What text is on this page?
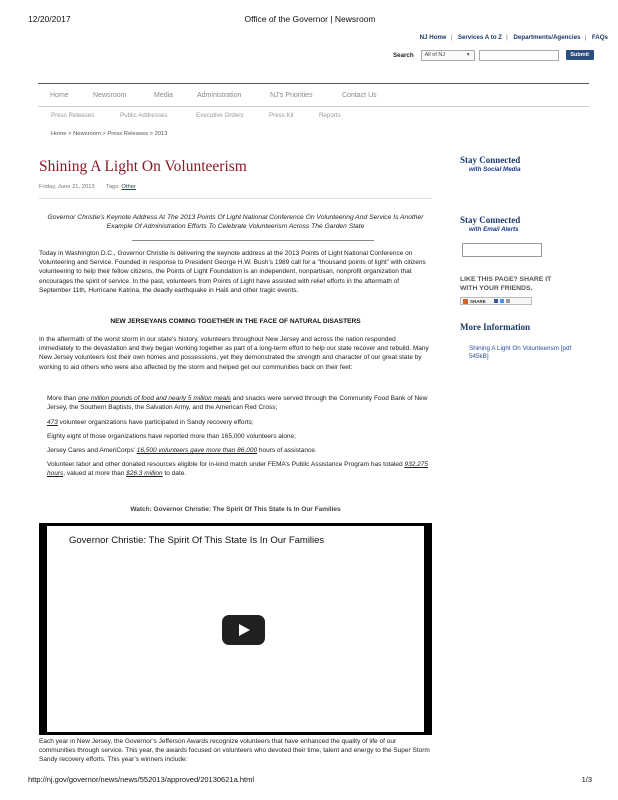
12/20/2017	Office of the Governor | Newsroom
NJ Home | Services A to Z | Departments/Agencies | FAQs
Search	All of NJ	▼	Submit
Home	Newsroom	Media	Administration	NJ's Priorities	Contact Us
Press Releases	Public Addresses	Executive Orders	Press Kit	Reports
Home > Newsroom > Press Releases > 2013
Shining A Light On Volunteerism
Friday, June 21, 2013 Tags: Other
Governor Christie’s Keynote Address At The 2013 Points Of Light National Conference On Volunteering And Service Is Another Example Of Administration Efforts To Celebrate Volunteerism Across The Garden State
Today in Washington D.C., Governor Christie is delivering the keynote address at the 2013 Points of Light National Conference on Volunteering and Service. Founded in response to President George H.W. Bush’s 1989 call for a "thousand points of light" with citizens volunteering to help their fellow citizens, the Points of Light Foundation is an independent, nonpartisan, nonprofit organization that encourages the spirit of service. In the past, volunteers from Points of Light have assisted with relief efforts in the aftermath of September 11th, Hurricane Katrina, the deadly earthquake in Haiti and other tragic events.
NEW JERSEYANS COMING TOGETHER IN THE FACE OF NATURAL DISASTERS
In the aftermath of the worst storm in our state’s history, volunteers throughout New Jersey and across the nation responded immediately to the devastation and they began working together as part of a long-term effort to help our state recover and rebuild. Many New Jersey volunteers lost their own homes and possessions, yet they demonstrated the strength and character of our great state by working to aid others who were also affected by the storm and helped get our communities back on their feet:
More than one million pounds of food and nearly 5 million meals and snacks were served through the Community Food Bank of New Jersey, the Southern Baptists, the Salvation Army, and the American Red Cross;
473 volunteer organizations have participated in Sandy recovery efforts;
Eighty eight of those organizations have reported more than 165,000 volunteers alone;
Jersey Cares and AmeriCorps’ 16,500 volunteers gave more than 86,000 hours of assistance.
Volunteer labor and other donated resources eligible for in-kind match under FEMA’s Public Assistance Program has totaled 932,275 hours, valued at more than $26.3 million to date.
Watch: Governor Christie: The Spirit Of This State Is In Our Families
Governor Christie: The Spirit Of This State Is In Our Families
Each year in New Jersey, the Governor’s Jefferson Awards recognize volunteers that have enhanced the quality of life of our communities through service. This year, the awards focused on volunteers who devoted their time, talent and energy to the Super Storm Sandy recovery efforts. This year’s winners include:
Stay Connected
with Social Media
Stay Connected
with Email Alerts
LIKE THIS PAGE? SHARE IT
WITH YOUR FRIENDS.
SHARE
More Information
Shining A Light On Volunteerism [pdf 545kB]
http://nj.gov/governor/news/news/552013/approved/20130621a.html	1/3
